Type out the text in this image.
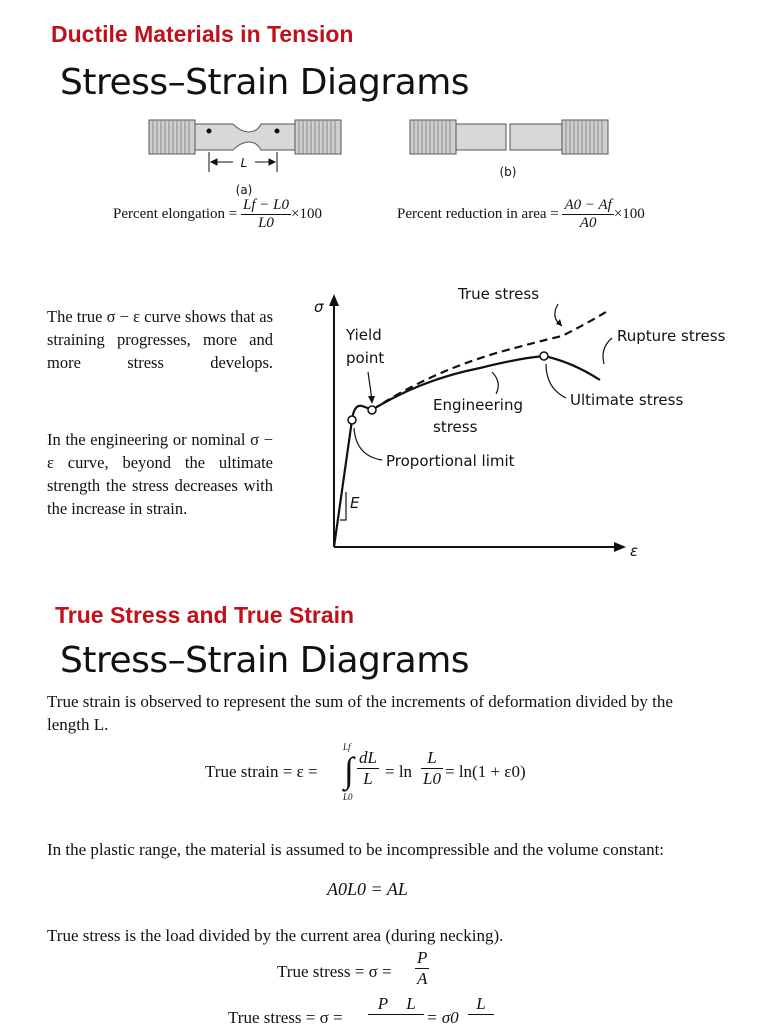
Ductile Materials in Tension
Stress–Strain Diagrams
L
(a)
(b)
Percent elongation = $\frac{Lf - L0}{L0} \times 100$	Percent reduction in area = $\frac{A0 - Af}{A0} \times 100$
The true σ − ε curve shows that as straining progresses, more and more stress develops.
In the engineering or nominal σ − ε curve, beyond the ultimate strength the stress decreases with the increase in strain.
σ
ε
E
True stress
Yield
point
Rupture stress
Engineering
stress
Ultimate stress
Proportional limit
True Stress and True Strain
Stress–Strain Diagrams
True strain is observed to represent the sum of the increments of deformation divided by the length L.
True strain = ε =
Lf
∫
L0
$\frac{dL}{L} = \ln \frac{L}{L0} = \ln(1 + \varepsilon 0)$
In the plastic range, the material is assumed to be incompressible and the volume constant:
A0L0 = AL
True stress is the load divided by the current area (during necking).
True stress = $\sigma = \frac{P}{A}$
True stress = σ =
P	L
= σ0
L
